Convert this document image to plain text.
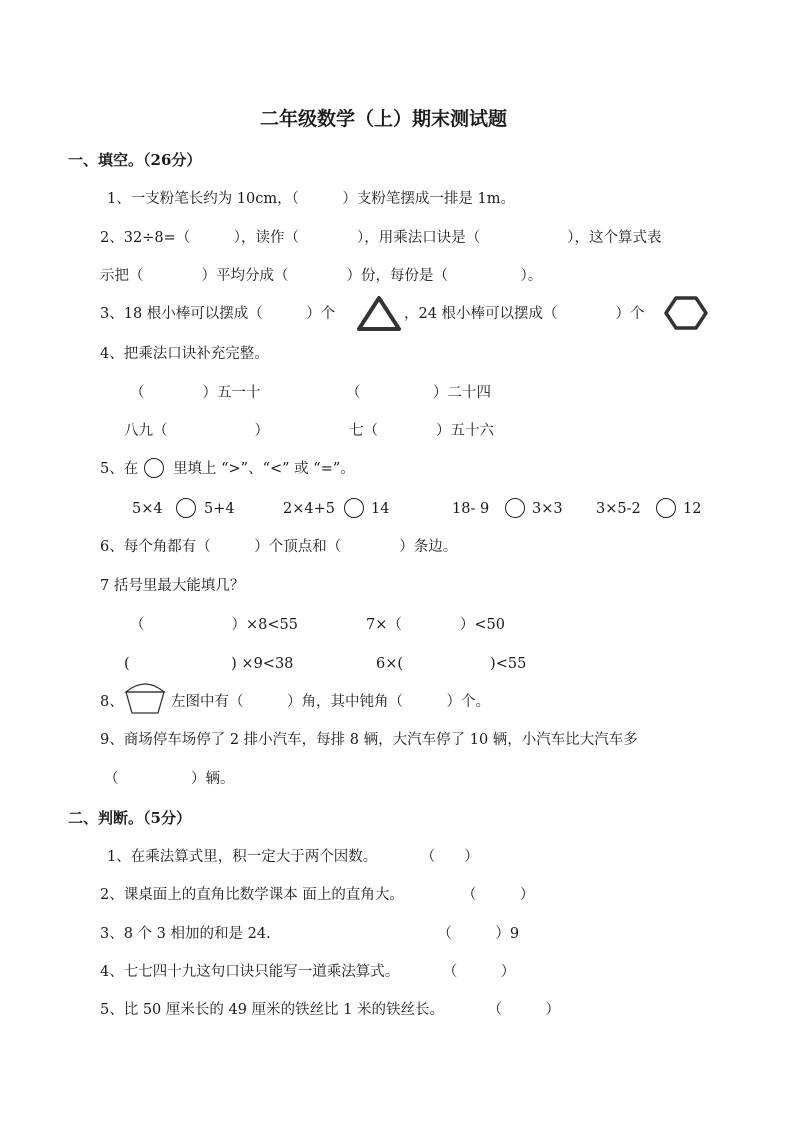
二年级数学（上）期末测试题
一、填空。（26分）
1、一支粉笔长约为 10cm，（　　　）支粉笔摆成一排是 1m。
2、32÷8=（　　　），读作（　　　　），用乘法口诀是（　　　　　　），这个算式表
示把（　　　　）平均分成（　　　　）份，每份是（　　　　　）。
3、18 根小棒可以摆成（　　　）个	，24 根小棒可以摆成（　　　　）个
4、把乘法口诀补充完整。
（　　　　）五一十	（　　　　　）二十四
八九（　　　　　　）	七（　　　　）五十六
5、在 里填上 “>”、“<” 或 “=”。
5×4	5+4	2×4+5 14	18- 9	3×3 3×5-2	12
6、每个角都有（　　　）个顶点和（　　　　）条边。
7 括号里最大能填几？
（　　　　　　）×8<55	7×（　　　　）<50
(　　　　　　　) ×9<38	6×(　　　　　　)<55
8、	左图中有（　　　）角，其中钝角（　　　）个。
9、商场停车场停了 2 排小汽车，每排 8 辆，大汽车停了 10 辆，小汽车比大汽车多
（　　　　　）辆。
二、判断。（5分）
1、在乘法算式里，积一定大于两个因数。　　　　（　　）
2、课桌面上的直角比数学课本 面上的直角大。　　　　　（　　　）
3、8 个 3 相加的和是 24.　　　　　　　　　　　　（　　　）9
4、七七四十九这句口诀只能写一道乘法算式。　　　　（　　　）
5、比 50 厘米长的 49 厘米的铁丝比 1 米的铁丝长。　　　　（　　　）
